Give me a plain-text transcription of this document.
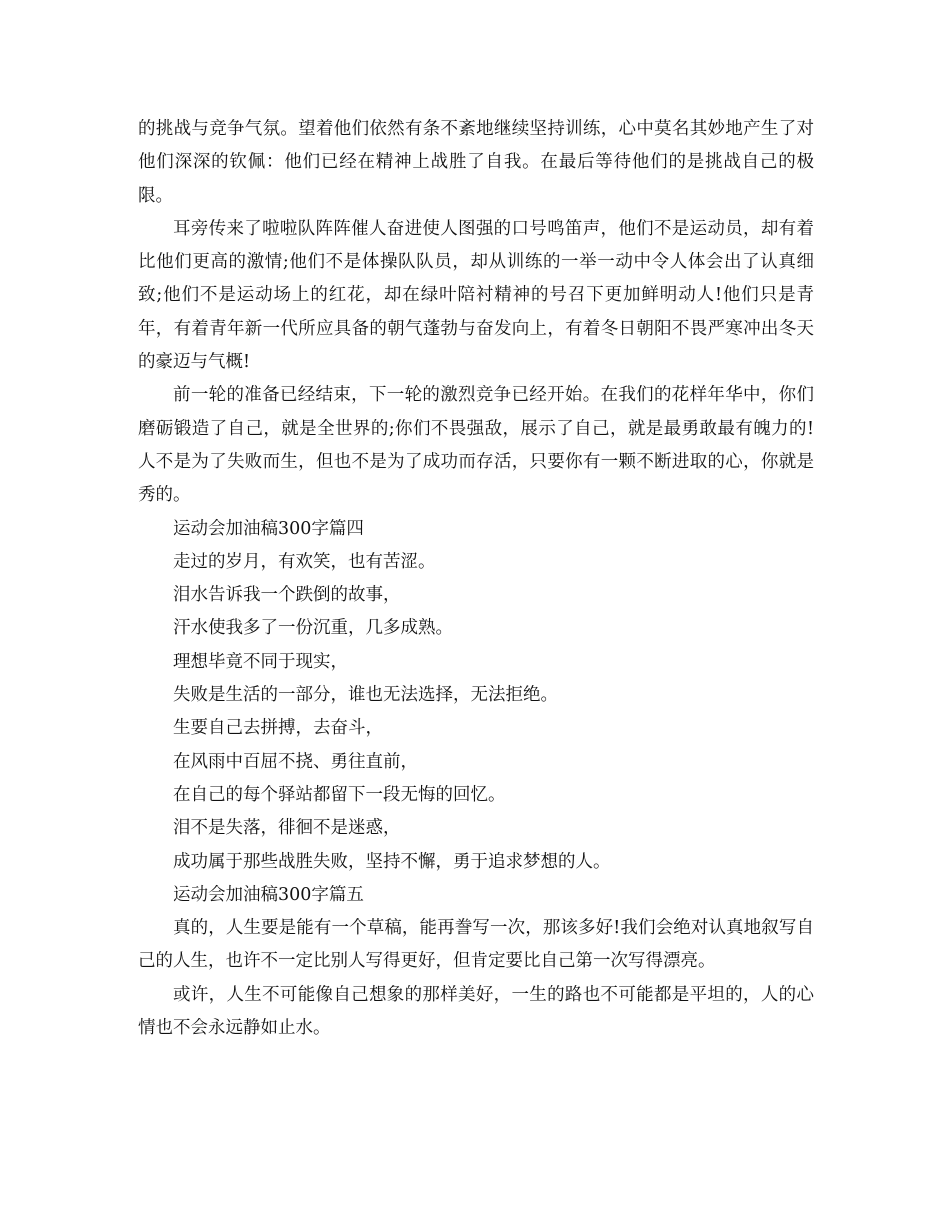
的挑战与竞争气氛。望着他们依然有条不紊地继续坚持训练，心中莫名其妙地产生了对他们深深的钦佩：他们已经在精神上战胜了自我。在最后等待他们的是挑战自己的极限。

耳旁传来了啦啦队阵阵催人奋进使人图强的口号鸣笛声，他们不是运动员，却有着比他们更高的激情;他们不是体操队队员，却从训练的一举一动中令人体会出了认真细致;他们不是运动场上的红花，却在绿叶陪衬精神的号召下更加鲜明动人!他们只是青年，有着青年新一代所应具备的朝气蓬勃与奋发向上，有着冬日朝阳不畏严寒冲出冬天的豪迈与气概!

前一轮的准备已经结束，下一轮的激烈竞争已经开始。在我们的花样年华中，你们磨砺锻造了自己，就是全世界的;你们不畏强敌，展示了自己，就是最勇敢最有魄力的!人不是为了失败而生，但也不是为了成功而存活，只要你有一颗不断进取的心，你就是秀的。

运动会加油稿300字篇四

走过的岁月，有欢笑，也有苦涩。

泪水告诉我一个跌倒的故事，

汗水使我多了一份沉重，几多成熟。

理想毕竟不同于现实，

失败是生活的一部分，谁也无法选择，无法拒绝。

生要自己去拼搏，去奋斗，

在风雨中百屈不挠、勇往直前，

在自己的每个驿站都留下一段无悔的回忆。

泪不是失落，徘徊不是迷惑，

成功属于那些战胜失败，坚持不懈，勇于追求梦想的人。

运动会加油稿300字篇五

真的，人生要是能有一个草稿，能再誊写一次，那该多好!我们会绝对认真地叙写自己的人生，也许不一定比别人写得更好，但肯定要比自己第一次写得漂亮。

或许，人生不可能像自己想象的那样美好，一生的路也不可能都是平坦的，人的心情也不会永远静如止水。
